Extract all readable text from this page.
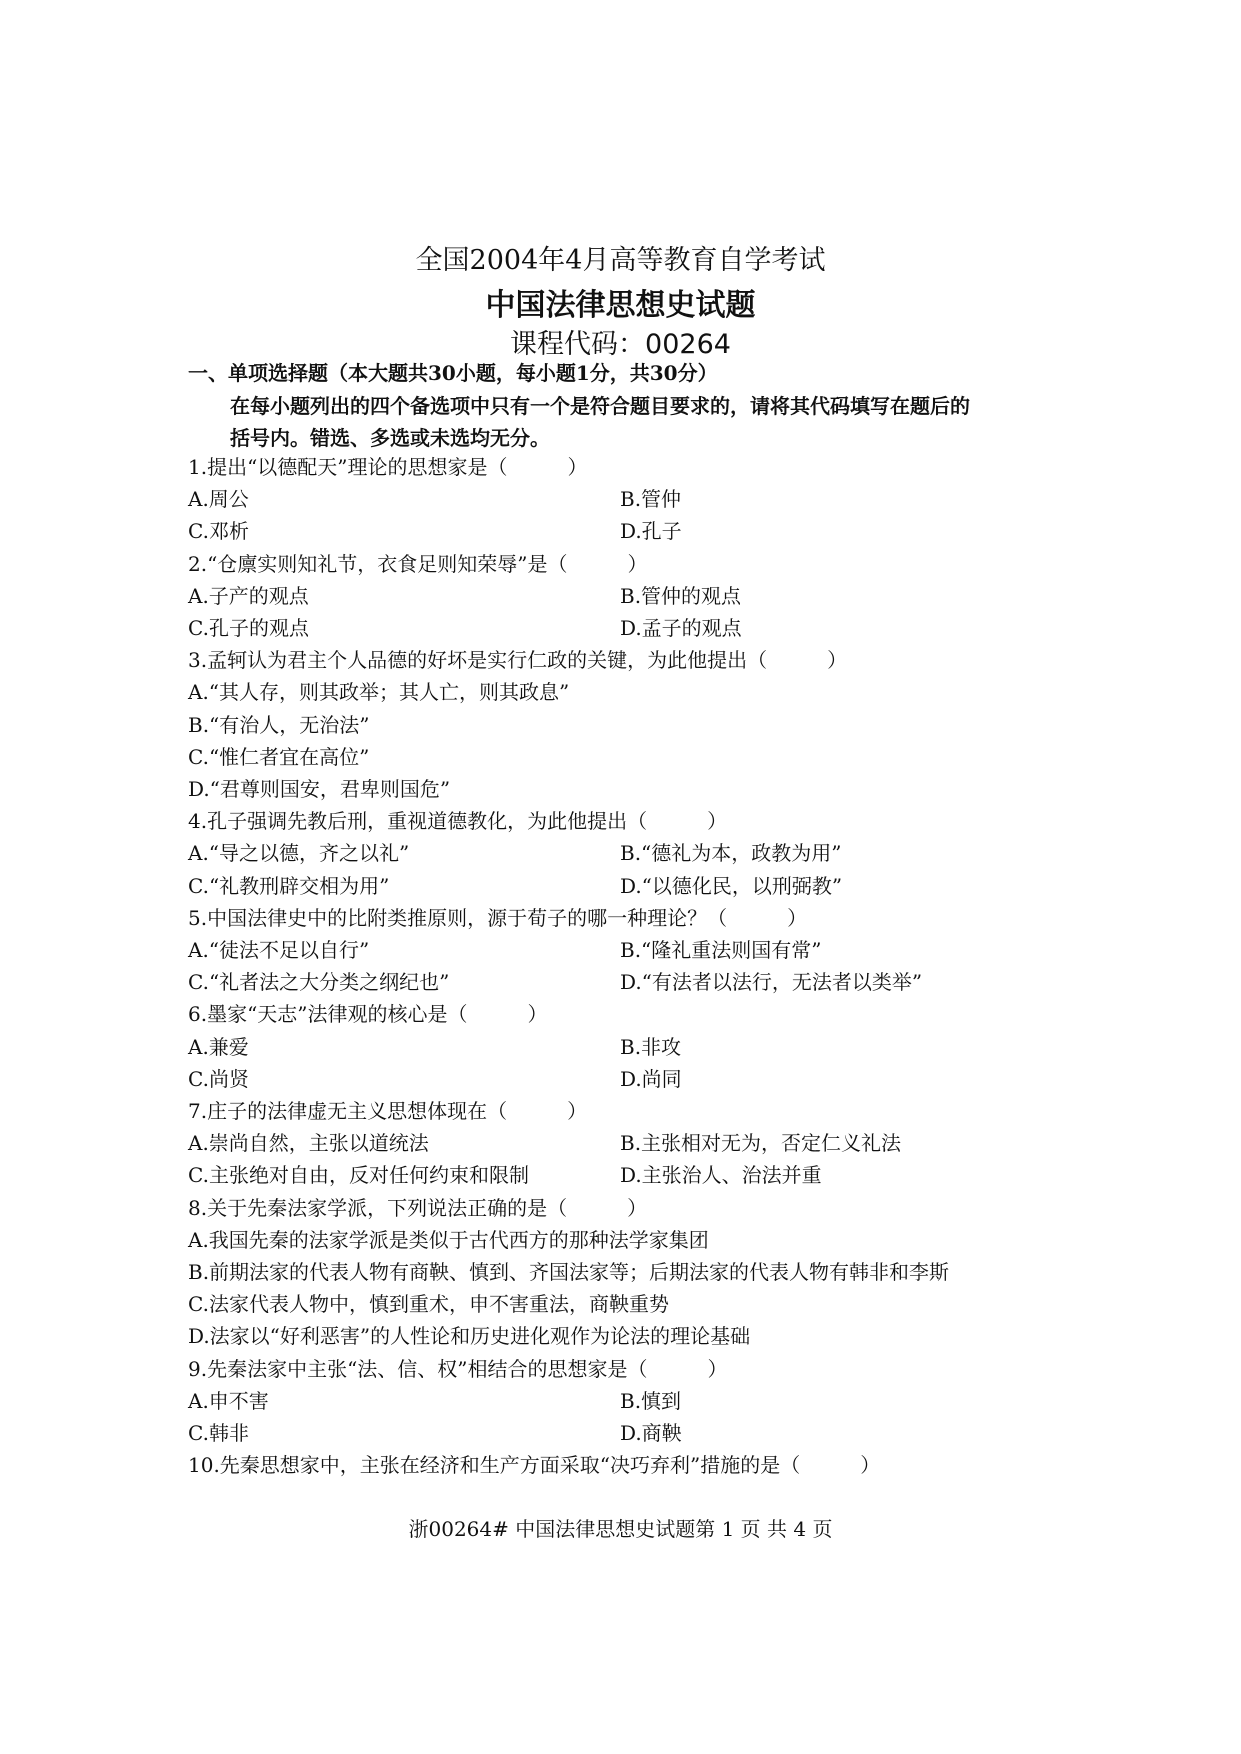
全国2004年4月高等教育自学考试
中国法律思想史试题
课程代码：00264
一、单项选择题（本大题共30小题，每小题1分，共30分）
在每小题列出的四个备选项中只有一个是符合题目要求的，请将其代码填写在题后的
括号内。错选、多选或未选均无分。
1.提出“以德配天”理论的思想家是（　　　）
A.周公	B.管仲
C.邓析	D.孔子
2.“仓廪实则知礼节，衣食足则知荣辱”是（　　　）
A.子产的观点	B.管仲的观点
C.孔子的观点	D.孟子的观点
3.孟轲认为君主个人品德的好坏是实行仁政的关键，为此他提出（　　　）
A.“其人存，则其政举；其人亡，则其政息”
B.“有治人，无治法”
C.“惟仁者宜在高位”
D.“君尊则国安，君卑则国危”
4.孔子强调先教后刑，重视道德教化，为此他提出（　　　）
A.“导之以德，齐之以礼”	B.“德礼为本，政教为用”
C.“礼教刑辟交相为用”	D.“以德化民，以刑弼教”
5.中国法律史中的比附类推原则，源于荀子的哪一种理论？（　　　）
A.“徒法不足以自行”	B.“隆礼重法则国有常”
C.“礼者法之大分类之纲纪也”	D.“有法者以法行，无法者以类举”
6.墨家“天志”法律观的核心是（　　　）
A.兼爱	B.非攻
C.尚贤	D.尚同
7.庄子的法律虚无主义思想体现在（　　　）
A.崇尚自然，主张以道统法	B.主张相对无为，否定仁义礼法
C.主张绝对自由，反对任何约束和限制	D.主张治人、治法并重
8.关于先秦法家学派，下列说法正确的是（　　　）
A.我国先秦的法家学派是类似于古代西方的那种法学家集团
B.前期法家的代表人物有商鞅、慎到、齐国法家等；后期法家的代表人物有韩非和李斯
C.法家代表人物中，慎到重术，申不害重法，商鞅重势
D.法家以“好利恶害”的人性论和历史进化观作为论法的理论基础
9.先秦法家中主张“法、信、权”相结合的思想家是（　　　）
A.申不害	B.慎到
C.韩非	D.商鞅
10.先秦思想家中，主张在经济和生产方面采取“决巧弃利”措施的是（　　　）
浙00264# 中国法律思想史试题第 1 页 共 4 页
